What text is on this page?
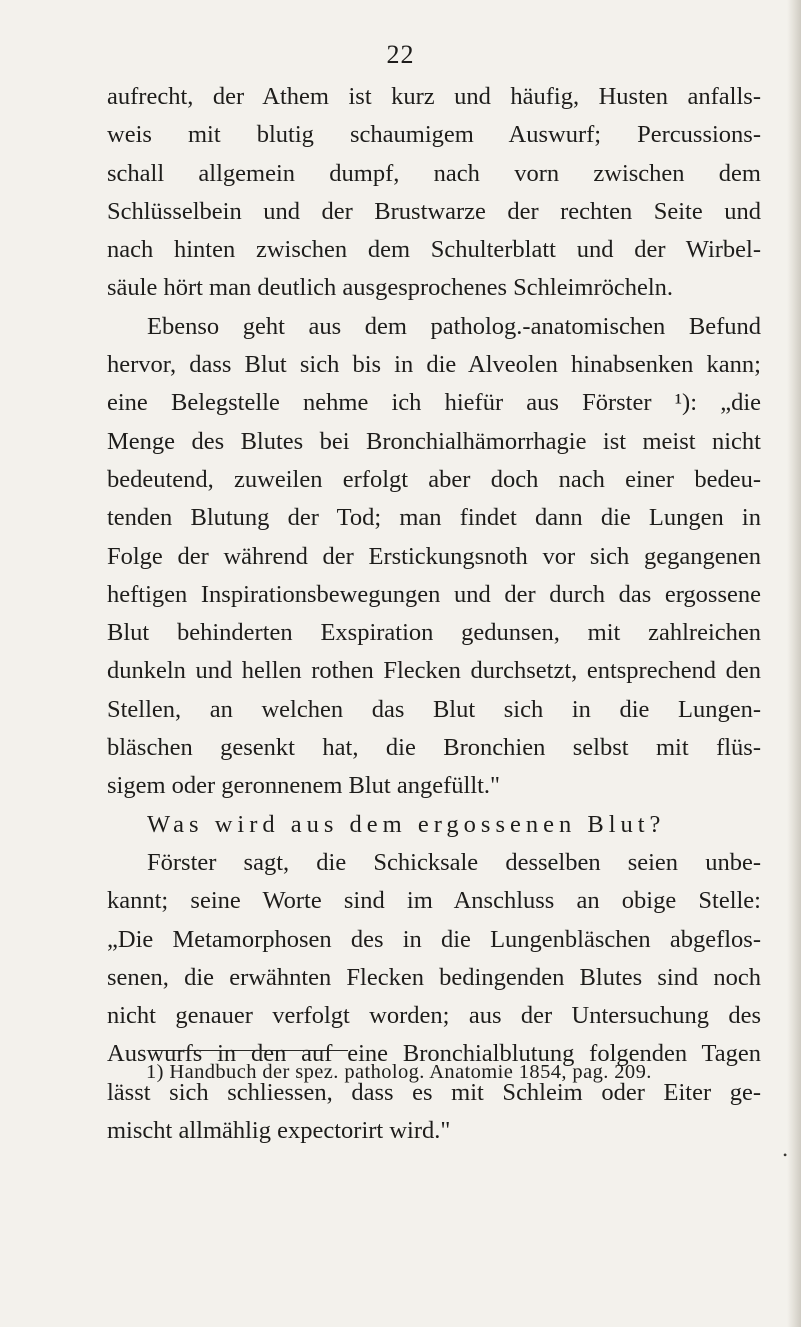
22
aufrecht, der Athem ist kurz und häufig, Husten anfalls-
weis mit blutig schaumigem Auswurf; Percussions-
schall allgemein dumpf, nach vorn zwischen dem
Schlüsselbein und der Brustwarze der rechten Seite und
nach hinten zwischen dem Schulterblatt und der Wirbel-
säule hört man deutlich ausgesprochenes Schleimröcheln.
Ebenso geht aus dem patholog.-anatomischen Befund
hervor, dass Blut sich bis in die Alveolen hinabsenken kann;
eine Belegstelle nehme ich hiefür aus Förster ¹): „die
Menge des Blutes bei Bronchialhämorrhagie ist meist nicht
bedeutend, zuweilen erfolgt aber doch nach einer bedeu-
tenden Blutung der Tod; man findet dann die Lungen in
Folge der während der Erstickungsnoth vor sich gegangenen
heftigen Inspirationsbewegungen und der durch das ergossene
Blut behinderten Exspiration gedunsen, mit zahlreichen
dunkeln und hellen rothen Flecken durchsetzt, entsprechend den
Stellen, an welchen das Blut sich in die Lungen-
bläschen gesenkt hat, die Bronchien selbst mit flüs-
sigem oder geronnenem Blut angefüllt."
Was wird aus dem ergossenen Blut?
Förster sagt, die Schicksale desselben seien unbe-
kannt; seine Worte sind im Anschluss an obige Stelle:
„Die Metamorphosen des in die Lungenbläschen abgeflos-
senen, die erwähnten Flecken bedingenden Blutes sind noch
nicht genauer verfolgt worden; aus der Untersuchung des
Auswurfs in den auf eine Bronchialblutung folgenden Tagen
lässt sich schliessen, dass es mit Schleim oder Eiter ge-
mischt allmählig expectorirt wird."
1) Handbuch der spez. patholog. Anatomie 1854, pag. 209.
•
